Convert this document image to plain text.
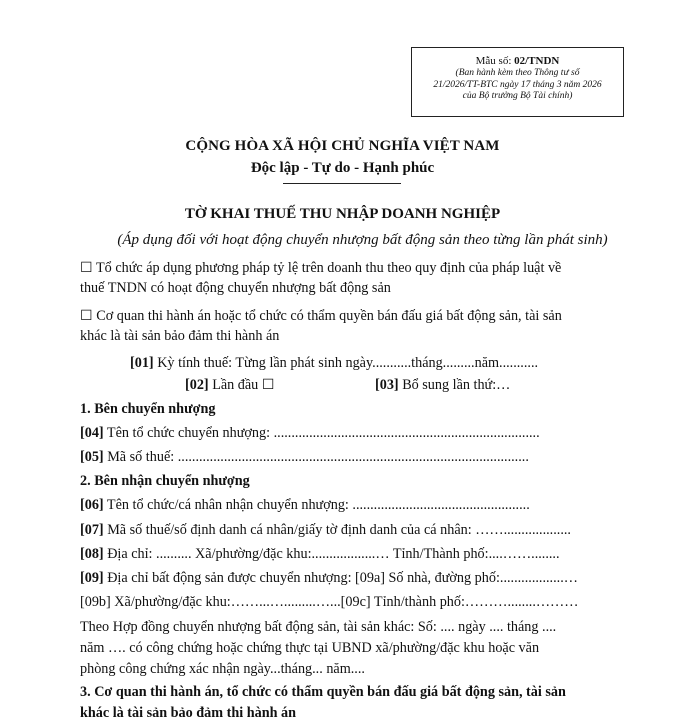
Mẫu số: 02/TNDN
(Ban hành kèm theo Thông tư số
21/2026/TT-BTC ngày 17 tháng 3 năm 2026
của Bộ trưởng Bộ Tài chính)
CỘNG HÒA XÃ HỘI CHỦ NGHĨA VIỆT NAM
Độc lập - Tự do - Hạnh phúc
TỜ KHAI THUẾ THU NHẬP DOANH NGHIỆP
(Áp dụng đối với hoạt động chuyển nhượng bất động sản theo từng lần phát sinh)
☐ Tổ chức áp dụng phương pháp tỷ lệ trên doanh thu theo quy định của pháp luật về
thuế TNDN có hoạt động chuyển nhượng bất động sản
☐ Cơ quan thi hành án hoặc tổ chức có thẩm quyền bán đấu giá bất động sản, tài sản
khác là tài sản bảo đảm thi hành án
[01] Kỳ tính thuế: Từng lần phát sinh ngày...........tháng.........năm...........
[02] Lần đầu ☐	[03] Bổ sung lần thứ:…
1. Bên chuyển nhượng
[04] Tên tổ chức chuyển nhượng: ...........................................................................
[05] Mã số thuế: ...................................................................................................
2. Bên nhận chuyển nhượng
[06] Tên tổ chức/cá nhân nhận chuyển nhượng: ..................................................
[07] Mã số thuế/số định danh cá nhân/giấy tờ định danh của cá nhân: ……...................
[08] Địa chỉ: .......... Xã/phường/đặc khu:..................… Tỉnh/Thành phố:....……........
[09] Địa chỉ bất động sản được chuyển nhượng: [09a] Số nhà, đường phố:..................…
[09b] Xã/phường/đặc khu:……...….........…...[09c] Tỉnh/thành phố:………........………
Theo Hợp đồng chuyển nhượng bất động sản, tài sản khác: Số: .... ngày .... tháng ....
năm …. có công chứng hoặc chứng thực tại UBND xã/phường/đặc khu hoặc văn
phòng công chứng xác nhận ngày...tháng... năm....
3. Cơ quan thi hành án, tổ chức có thẩm quyền bán đấu giá bất động sản, tài sản
khác là tài sản bảo đảm thi hành án
